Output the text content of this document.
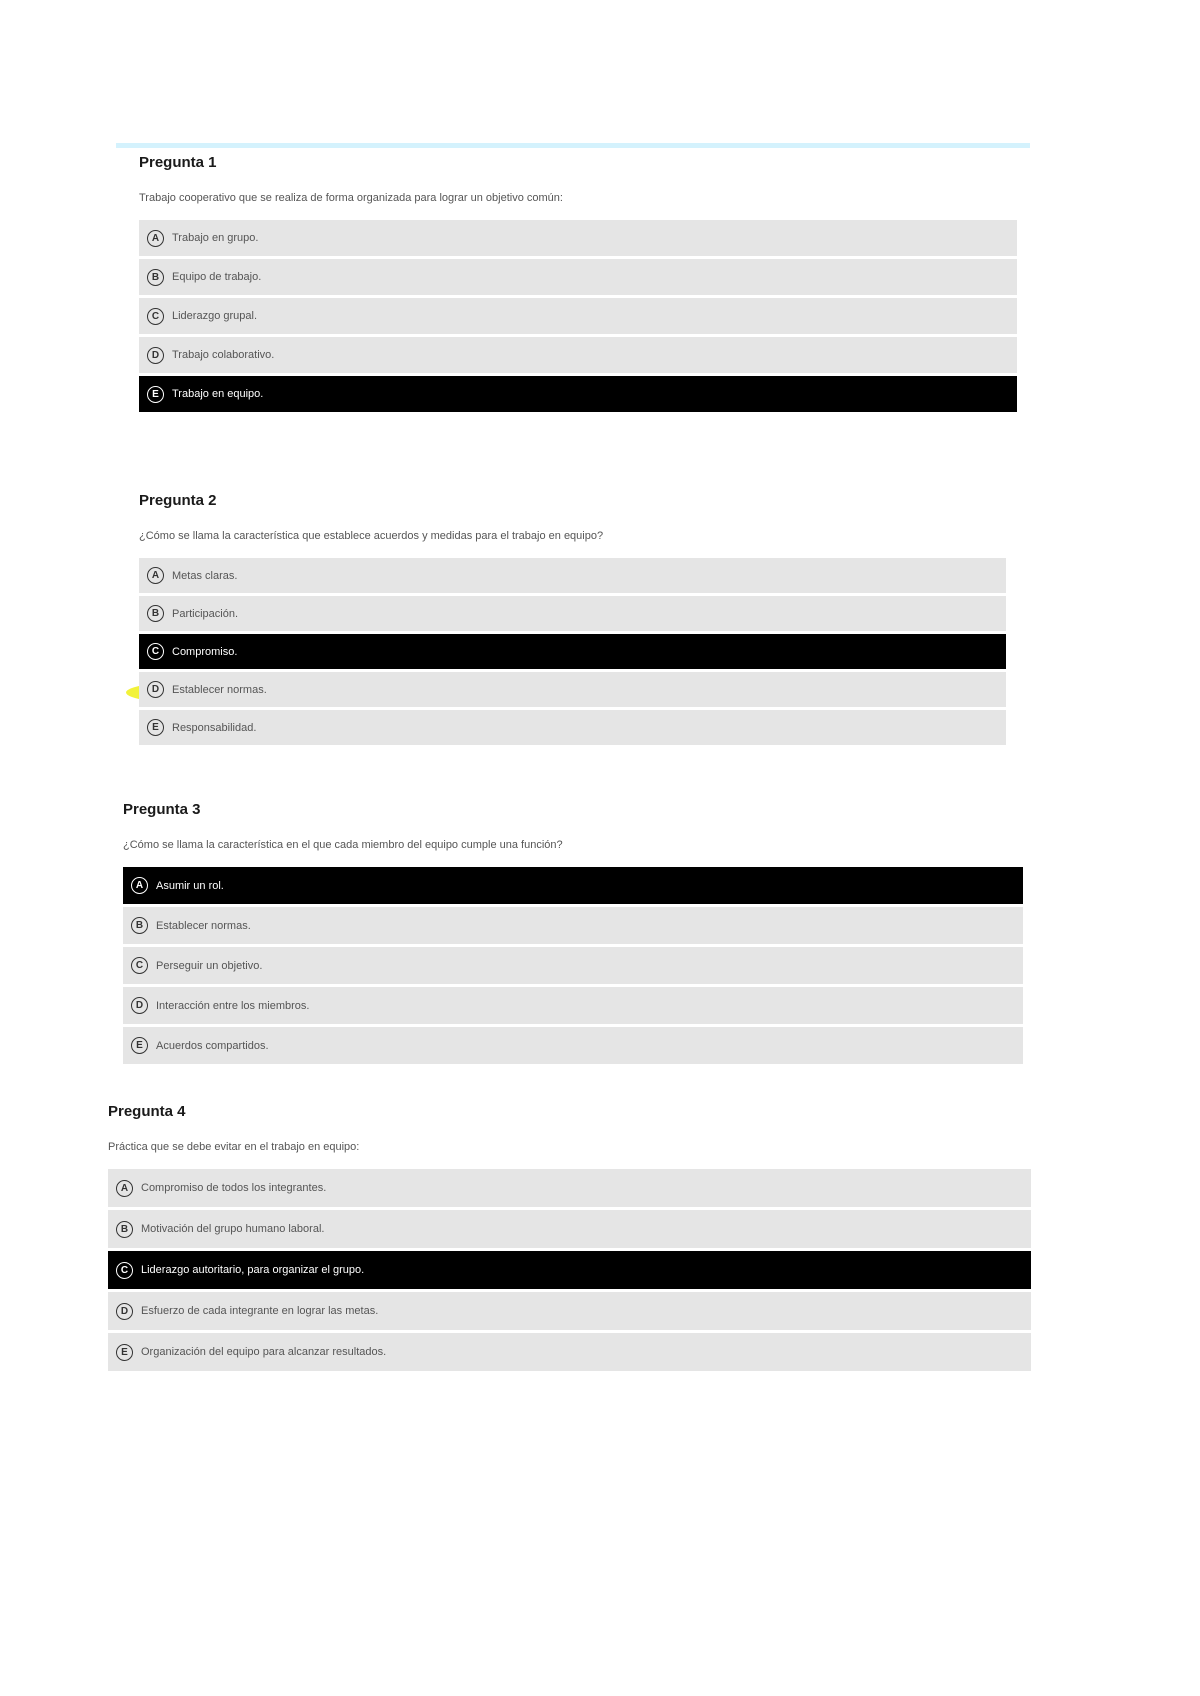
Pregunta 1
Trabajo cooperativo que se realiza de forma organizada para lograr un objetivo común:
A	Trabajo en grupo.
B	Equipo de trabajo.
C	Liderazgo grupal.
D	Trabajo colaborativo.
E	Trabajo en equipo.
Pregunta 2
¿Cómo se llama la característica que establece acuerdos y medidas para el trabajo en equipo?
A	Metas claras.
B	Participación.
C	Compromiso.
D	Establecer normas.
E	Responsabilidad.
Pregunta 3
¿Cómo se llama la característica en el que cada miembro del equipo cumple una función?
A	Asumir un rol.
B	Establecer normas.
C	Perseguir un objetivo.
D	Interacción entre los miembros.
E	Acuerdos compartidos.
Pregunta 4
Práctica que se debe evitar en el trabajo en equipo:
A	Compromiso de todos los integrantes.
B	Motivación del grupo humano laboral.
C	Liderazgo autoritario, para organizar el grupo.
D	Esfuerzo de cada integrante en lograr las metas.
E	Organización del equipo para alcanzar resultados.
